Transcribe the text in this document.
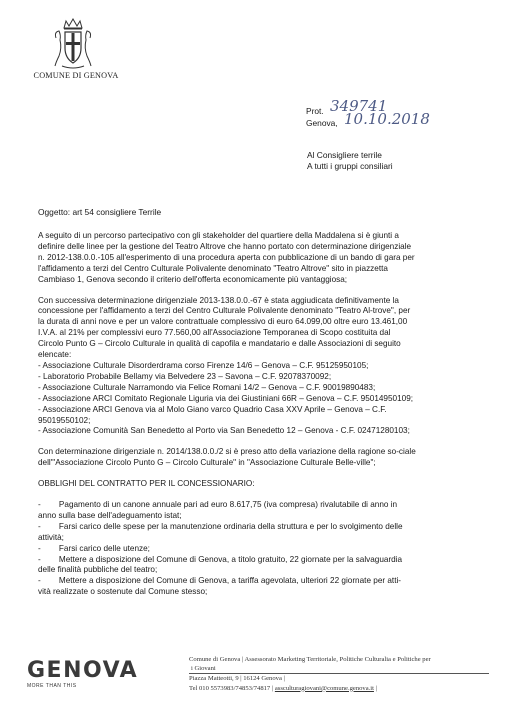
COMUNE DI GENOVA
Prot. 349741
Genova, 10.10.2018
Al Consigliere terrile
A tutti i gruppi consiliari
Oggetto: art 54 consigliere Terrile
A seguito di un percorso partecipativo con gli stakeholder del quartiere della Maddalena si è giunti a
definire delle linee per la gestione del Teatro Altrove che hanno portato con determinazione dirigenziale
n. 2012-138.0.0.-105 all'esperimento di una procedura aperta con pubblicazione di un bando di gara per
l'affidamento a terzi del Centro Culturale Polivalente denominato "Teatro Altrove" sito in piazzetta
Cambiaso 1, Genova secondo il criterio dell'offerta economicamente più vantaggiosa;
Con successiva determinazione dirigenziale 2013-138.0.0.-67 è stata aggiudicata definitivamente la
concessione per l'affidamento a terzi del Centro Culturale Polivalente denominato "Teatro Al-trove", per
la durata di anni nove e per un valore contrattuale complessivo di euro 64.099,00 oltre euro 13.461,00
I.V.A. al 21% per complessivi euro 77.560,00 all'Associazione Temporanea di Scopo costituita dal
Circolo Punto G – Circolo Culturale in qualità di capofila e mandatario e dalle Associazioni di seguito
elencate:
- Associazione Culturale Disorderdrama corso Firenze 14/6 – Genova – C.F. 95125950105;
- Laboratorio Probabile Bellamy via Belvedere 23 – Savona – C.F. 92078370092;
- Associazione Culturale Narramondo via Felice Romani 14/2 – Genova – C.F. 90019890483;
- Associazione ARCI Comitato Regionale Liguria via dei Giustiniani 66R – Genova – C.F. 95014950109;
- Associazione ARCI Genova via al Molo Giano varco Quadrio Casa XXV Aprile – Genova – C.F.
95019550102;
- Associazione Comunità San Benedetto al Porto via San Benedetto 12 – Genova - C.F. 02471280103;
Con determinazione dirigenziale n. 2014/138.0.0./2 si è preso atto della variazione della ragione so-ciale
dell'"Associazione Circolo Punto G – Circolo Culturale" in "Associazione Culturale Belle-ville";
OBBLIGHI DEL CONTRATTO PER IL CONCESSIONARIO:
-        Pagamento di un canone annuale pari ad euro 8.617,75 (iva compresa) rivalutabile di anno in
anno sulla base dell'adeguamento istat;
-        Farsi carico delle spese per la manutenzione ordinaria della struttura e per lo svolgimento delle
attività;
-        Farsi carico delle utenze;
-        Mettere a disposizione del Comune di Genova, a titolo gratuito, 22 giornate per la salvaguardia
delle finalità pubbliche del teatro;
-        Mettere a disposizione del Comune di Genova, a tariffa agevolata, ulteriori 22 giornate per atti-
vità realizzate o sostenute dal Comune stesso;
GENOVA
MORE THAN THIS
Comune di Genova | Assessorato Marketing Territoriale, Politiche Culturalia e Politiche per
i Giovani
Piazza Matteotti, 9 | 16124 Genova |
Tel 010 5573983/74853/74817 | assculturagiovani@comune.genova.it |
